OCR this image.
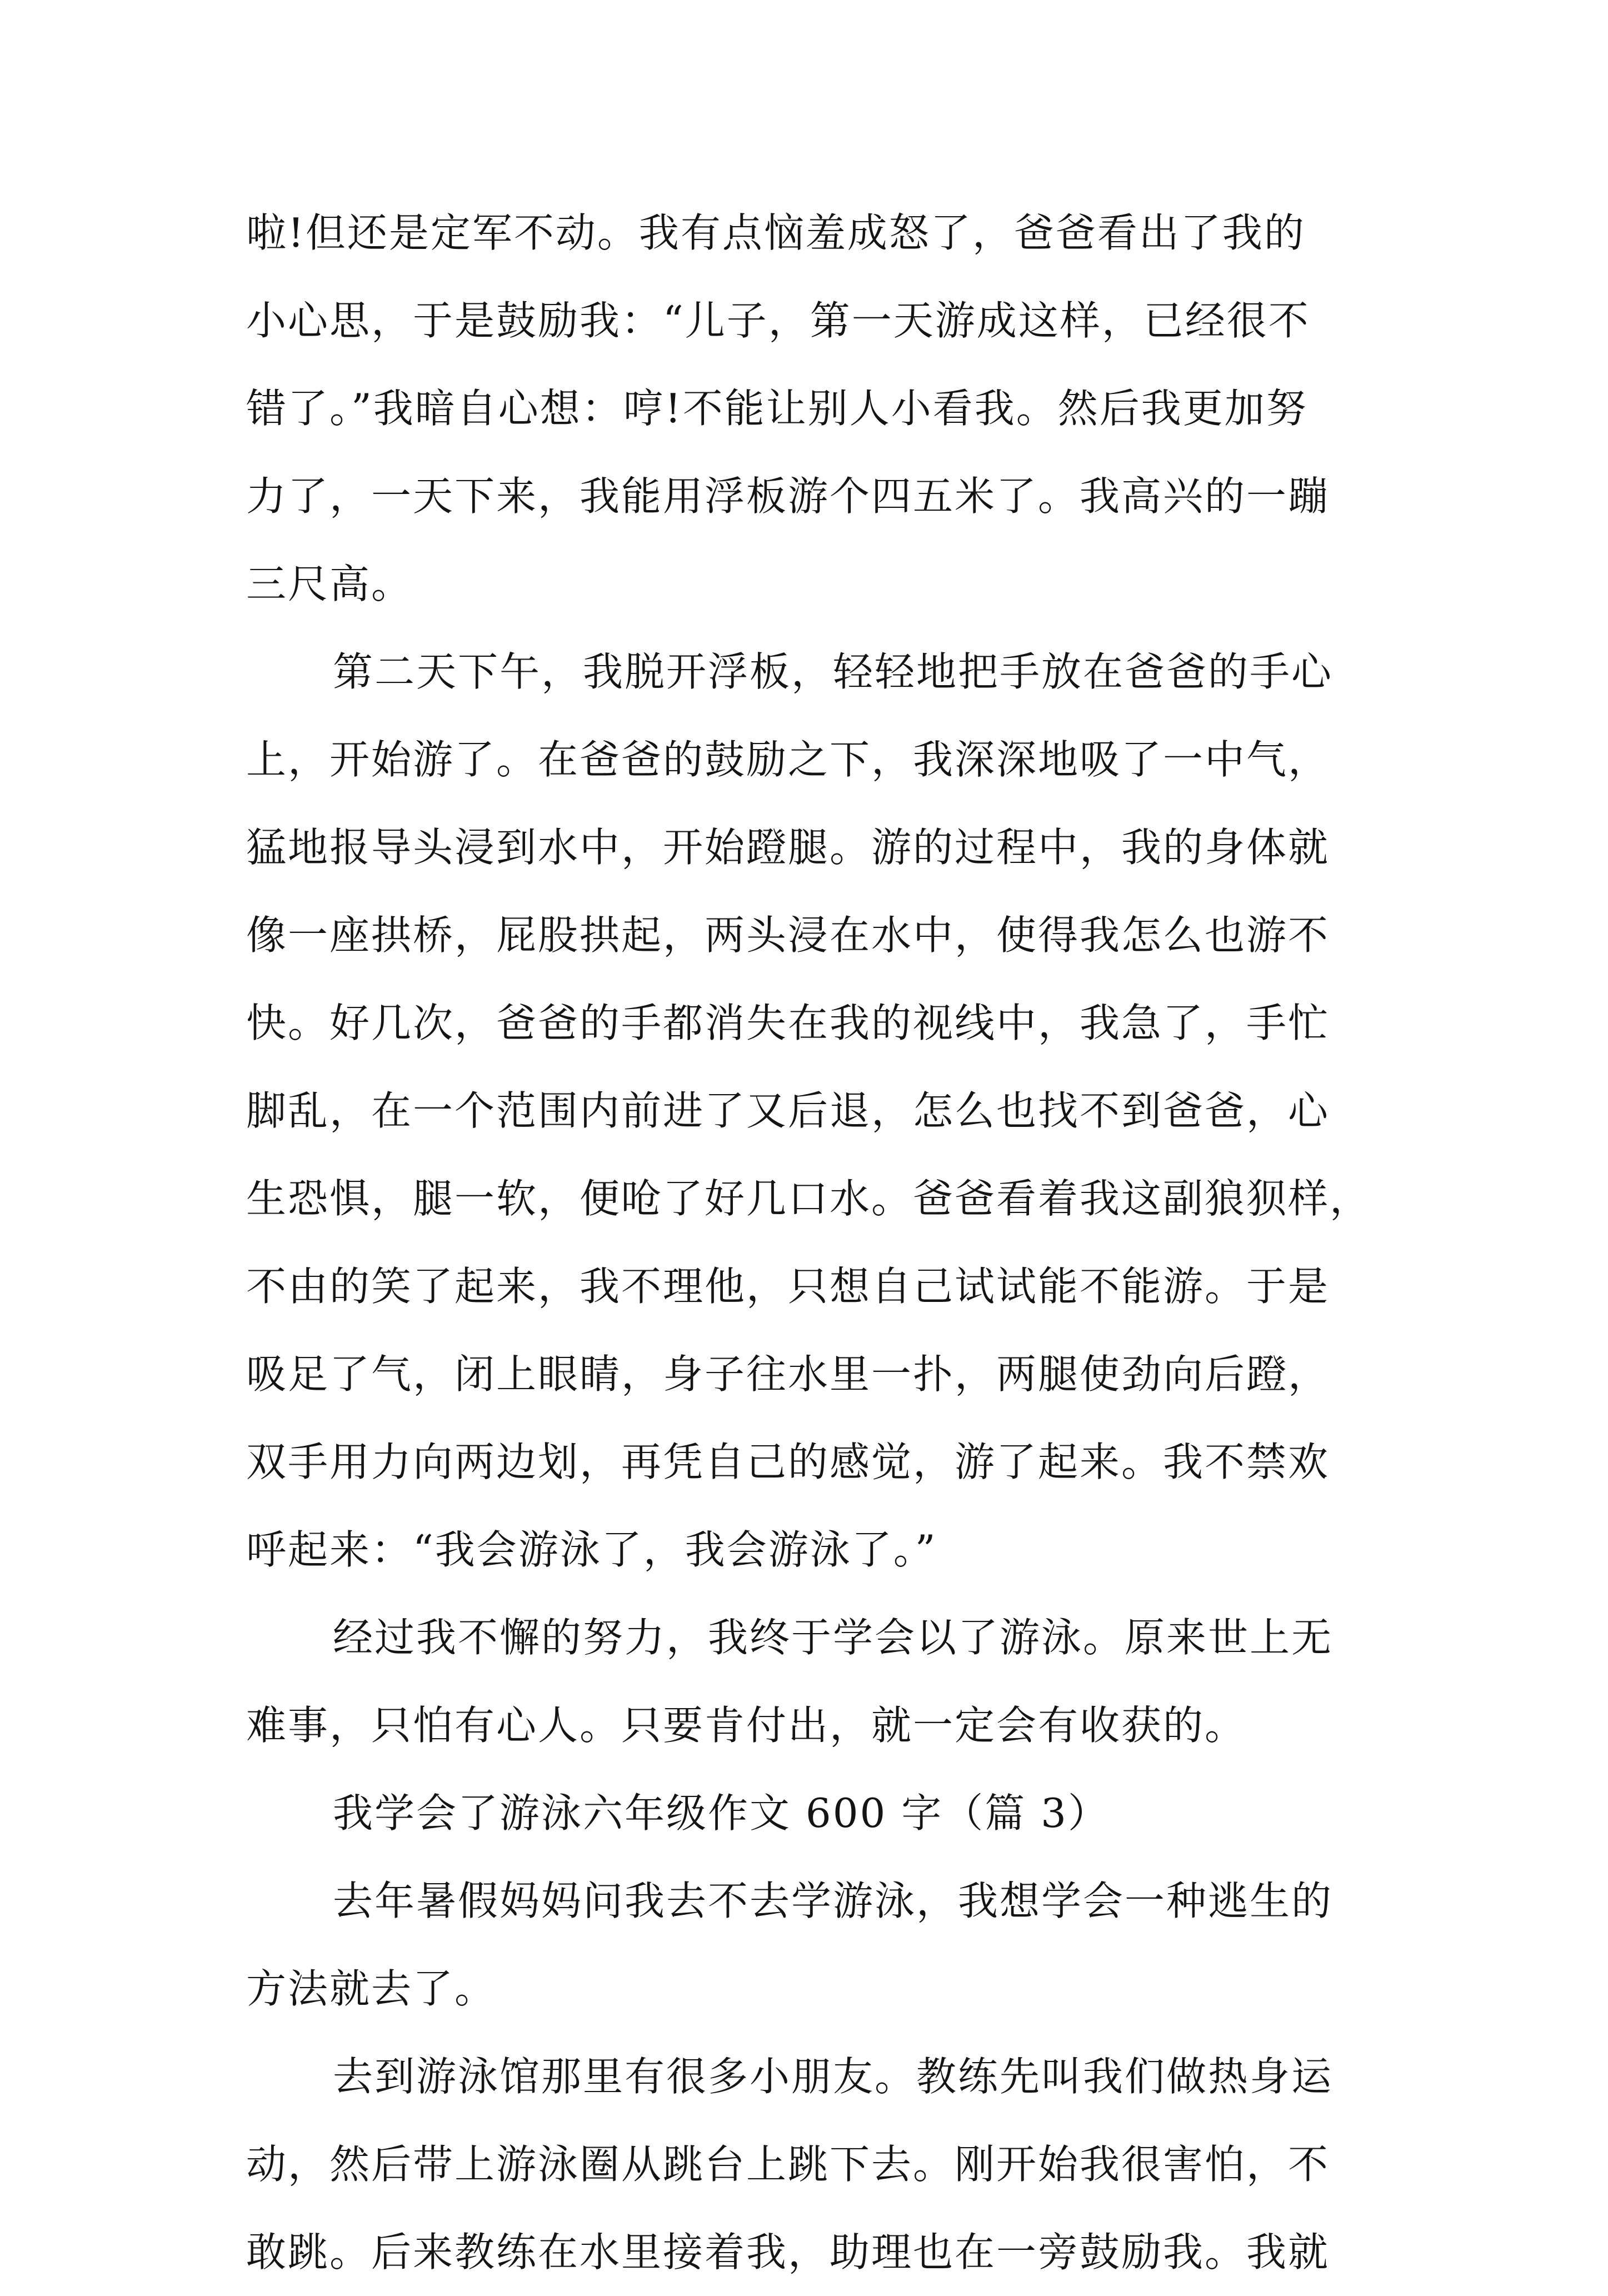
啦!但还是定军不动。我有点恼羞成怒了，爸爸看出了我的
小心思，于是鼓励我：“儿子，第一天游成这样，已经很不
错了。”我暗自心想：哼!不能让别人小看我。然后我更加努
力了，一天下来，我能用浮板游个四五米了。我高兴的一蹦
三尺高。
第二天下午，我脱开浮板，轻轻地把手放在爸爸的手心
上，开始游了。在爸爸的鼓励之下，我深深地吸了一中气，
猛地报导头浸到水中，开始蹬腿。游的过程中，我的身体就
像一座拱桥，屁股拱起，两头浸在水中，使得我怎么也游不
快。好几次，爸爸的手都消失在我的视线中，我急了，手忙
脚乱，在一个范围内前进了又后退，怎么也找不到爸爸，心
生恐惧，腿一软，便呛了好几口水。爸爸看着我这副狼狈样，
不由的笑了起来，我不理他，只想自己试试能不能游。于是
吸足了气，闭上眼睛，身子往水里一扑，两腿使劲向后蹬，
双手用力向两边划，再凭自己的感觉，游了起来。我不禁欢
呼起来：“我会游泳了，我会游泳了。”
经过我不懈的努力，我终于学会以了游泳。原来世上无
难事，只怕有心人。只要肯付出，就一定会有收获的。
我学会了游泳六年级作文 600 字（篇 3）
去年暑假妈妈问我去不去学游泳，我想学会一种逃生的
方法就去了。
去到游泳馆那里有很多小朋友。教练先叫我们做热身运
动，然后带上游泳圈从跳台上跳下去。刚开始我很害怕，不
敢跳。后来教练在水里接着我，助理也在一旁鼓励我。我就
